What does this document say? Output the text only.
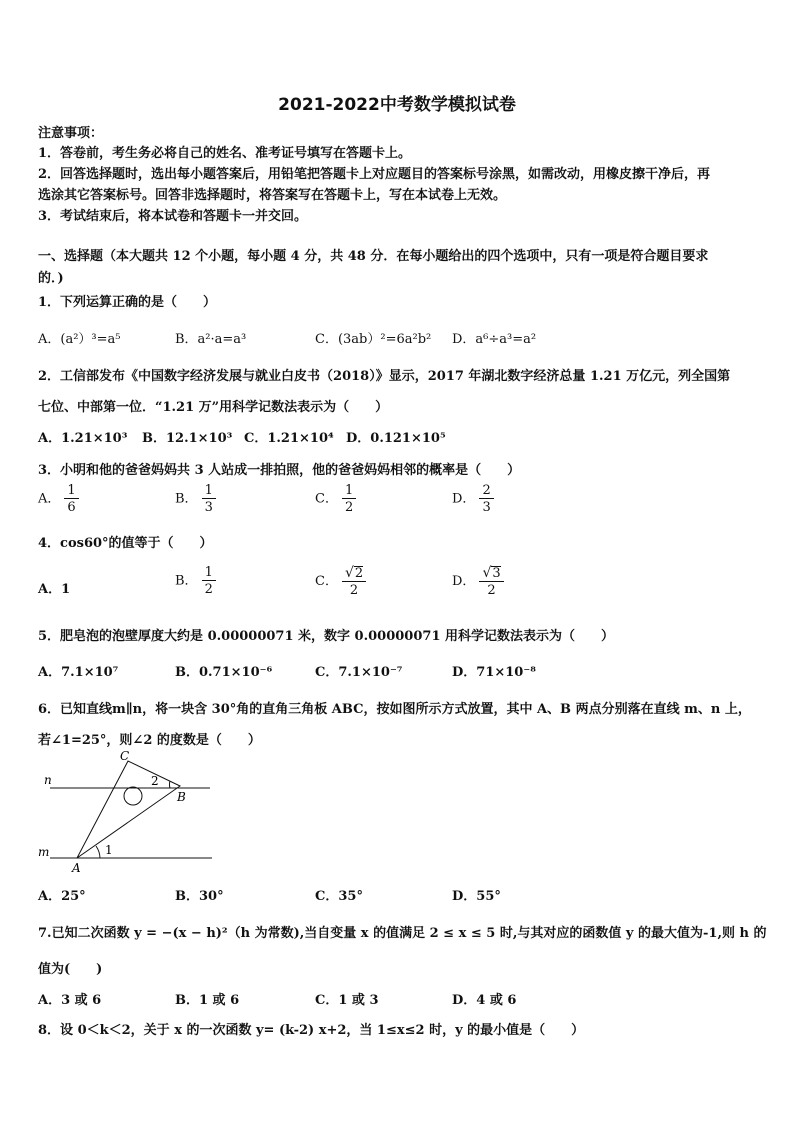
2021-2022中考数学模拟试卷
注意事项：
1．答卷前，考生务必将自己的姓名、准考证号填写在答题卡上。
2．回答选择题时，选出每小题答案后，用铅笔把答题卡上对应题目的答案标号涂黑，如需改动，用橡皮擦干净后，再
选涂其它答案标号。回答非选择题时，将答案写在答题卡上，写在本试卷上无效。
3．考试结束后，将本试卷和答题卡一并交回。
一、选择题（本大题共 12 个小题，每小题 4 分，共 48 分．在每小题给出的四个选项中，只有一项是符合题目要求
的．)
1．下列运算正确的是（　　）
A．(a²）³=a⁵	B．a²·a=a³	C．(3ab）²=6a²b² D．a⁶÷a³=a²
2．工信部发布《中国数字经济发展与就业白皮书（2018）》显示，2017 年湖北数字经济总量 1.21 万亿元，列全国第
七位、中部第一位．“1.21 万”用科学记数法表示为（　　）
A．1.21×10³ B．12.1×10³ C．1.21×10⁴ D．0.121×10⁵
3．小明和他的爸爸妈妈共 3 人站成一排拍照，他的爸爸妈妈相邻的概率是（　　）
A． $\frac{1}{6}$	B． $\frac{1}{3}$	C． $\frac{1}{2}$	D． $\frac{2}{3}$
4．cos60°的值等于（　　）
A．1
B． $\frac{1}{2}$	C． $\frac{√2}{2}$	D． $\frac{√3}{2}$
5．肥皂泡的泡壁厚度大约是 0.00000071 米，数字 0.00000071 用科学记数法表示为（　　）
A．7.1×10⁷	B．0.71×10⁻⁶	C．7.1×10⁻⁷	D．71×10⁻⁸
6．已知直线m∥n，将一块含 30°角的直角三角板 ABC，按如图所示方式放置，其中 A、B 两点分别落在直线 m、n 上，
若∠1=25°，则∠2 的度数是（　　）
n
m
C
B
A
1
2
A．25°	B．30°	C．35°	D．55°
7.已知二次函数 y = −(x − h)²（h 为常数),当自变量 x 的值满足 2 ≤ x ≤ 5 时,与其对应的函数值 y 的最大值为-1,则 h 的
值为(　　)
A．3 或 6	B．1 或 6	C．1 或 3	D．4 或 6
8．设 0＜k＜2，关于 x 的一次函数 y= (k-2) x+2，当 1≤x≤2 时，y 的最小值是（　　）
